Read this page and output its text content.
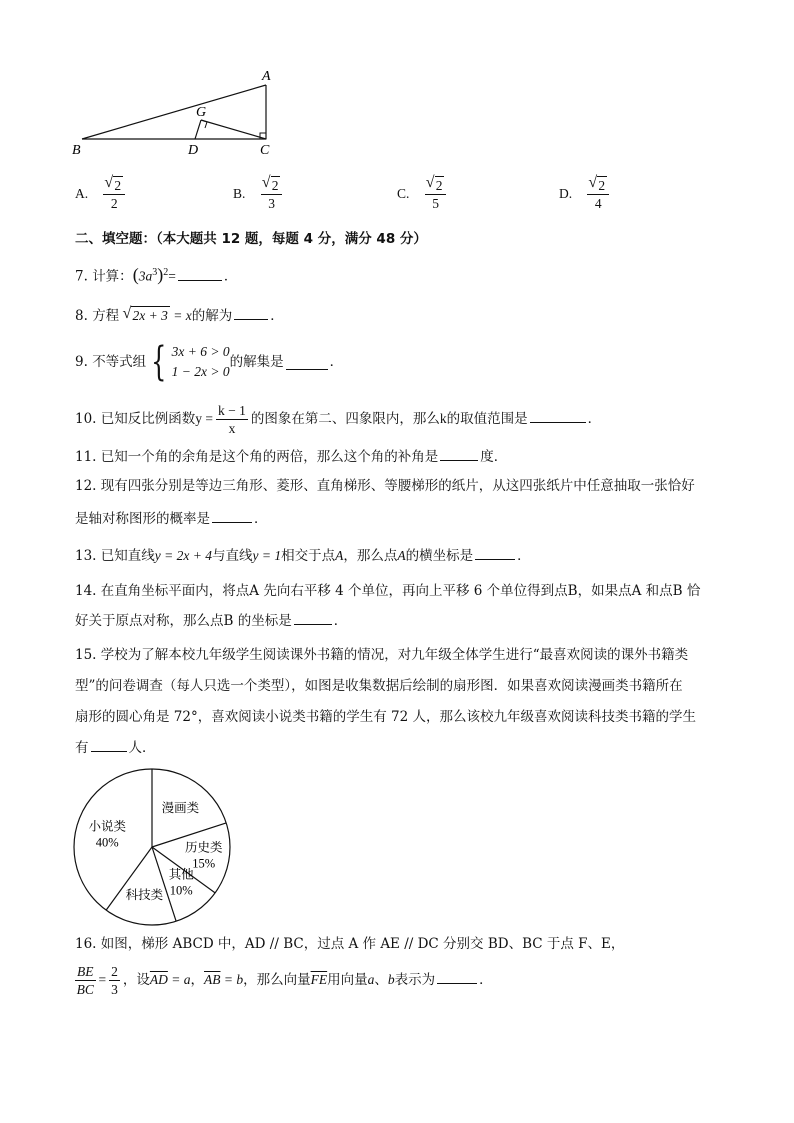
A
B	C
D
G
A. $\frac{√ 2}{2}$	B. $\frac{√ 2}{3}$	C. $\frac{√ 2}{5}$	D. $\frac{√ 2}{4}$
二、填空题：（本大题共 12 题，每题 4 分，满分 48 分）
7. 计算：$(3a^3)^2=$	．
8. 方程 √ 2x + 3 = x的解为	．
9. 不等式组 { 3x + 6 > 0
1 − 2x > 0
的解集是	．
10. 已知反比例函数$y = \frac{k - 1}{x}$ 的图象在第二、四象限内，那么k的取值范围是	．
11. 已知一个角的余角是这个角的两倍，那么这个角的补角是	度．
12. 现有四张分别是等边三角形、菱形、直角梯形、等腰梯形的纸片，从这四张纸片中任意抽取一张恰好
是轴对称图形的概率是	．
13. 已知直线y = 2x + 4与直线y = 1相交于点A，那么点A的横坐标是	．
14. 在直角坐标平面内，将点A 先向右平移 4 个单位，再向上平移 6 个单位得到点B，如果点A 和点B 恰
好关于原点对称，那么点B 的坐标是	．
15. 学校为了解本校九年级学生阅读课外书籍的情况，对九年级全体学生进行“最喜欢阅读的课外书籍类
型”的问卷调查（每人只选一个类型），如图是收集数据后绘制的扇形图．如果喜欢阅读漫画类书籍所在
扇形的圆心角是 72°，喜欢阅读小说类书籍的学生有 72 人，那么该校九年级喜欢阅读科技类书籍的学生
有	人．
漫画类
历史类
15%
其他
10%
科技类
小说类
40%
16. 如图，梯形 ABCD 中，AD // BC，过点 A 作 AE // DC 分别交 BD、BC 于点 F、E，
$\frac{BE}{BC} = \frac{2}{3}$ ，设$\overline{AD} = a$，$\overline{AB} = b$，那么向量$\overline{FE}$用向量a、b表示为	．
